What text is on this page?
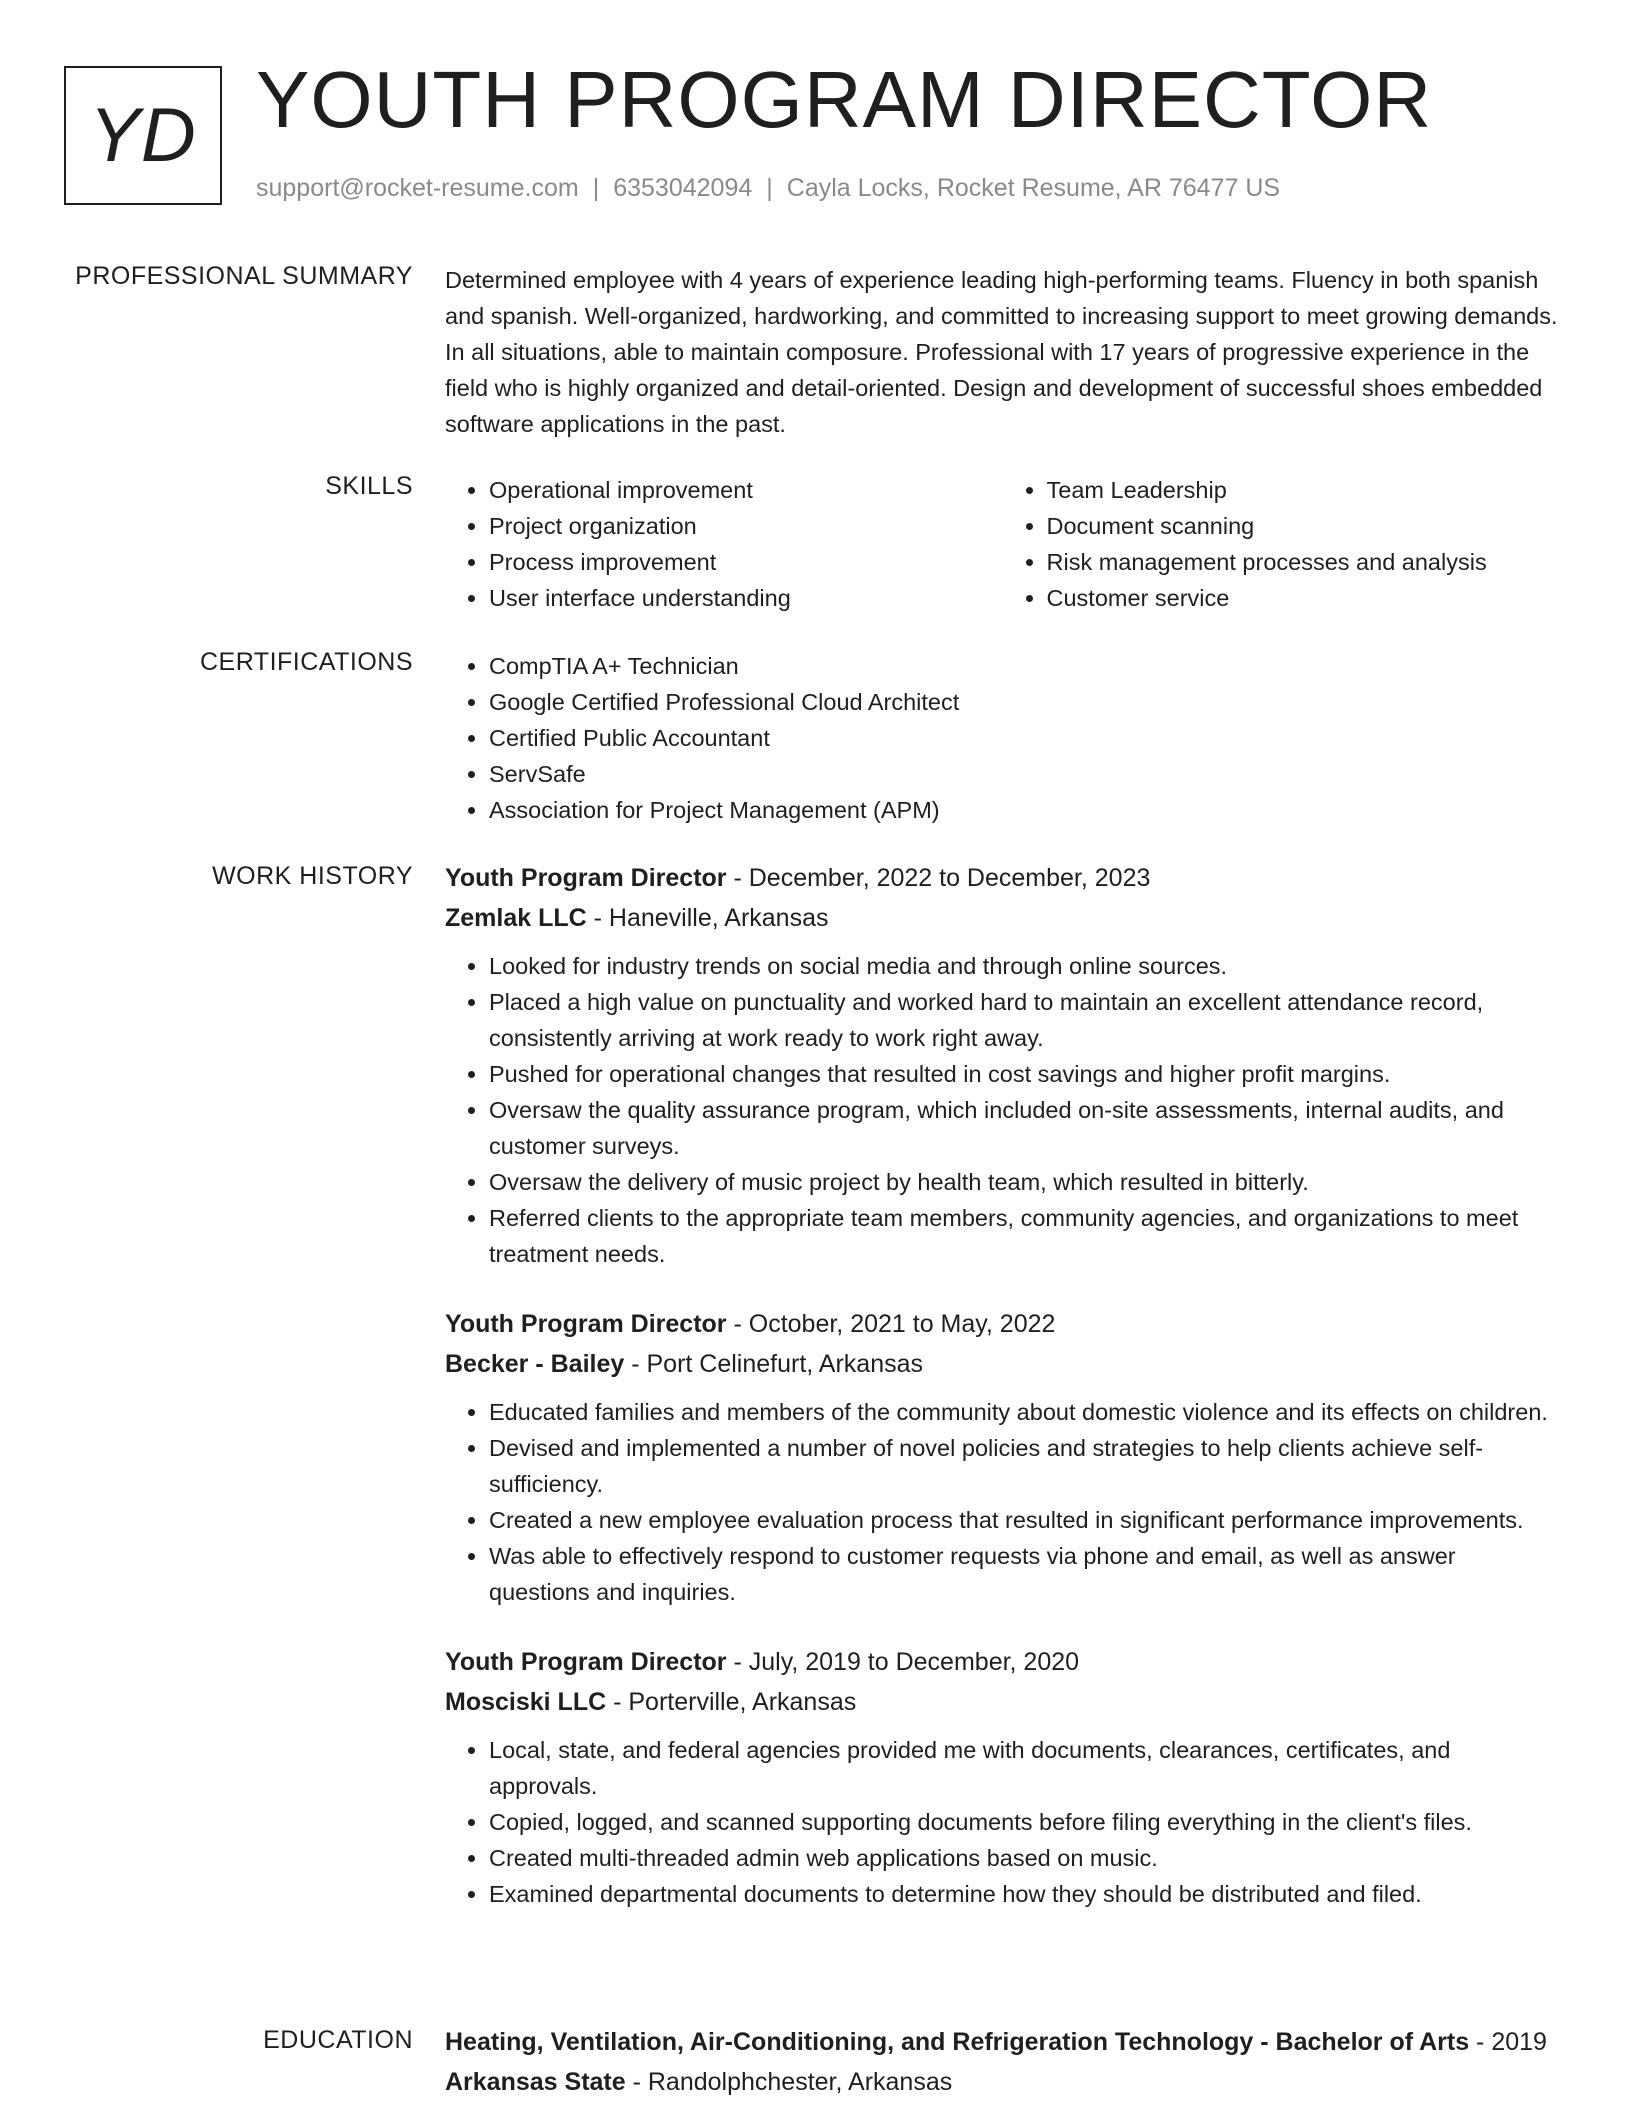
YD YOUTH PROGRAM DIRECTOR
support@rocket-resume.com | 6353042094 | Cayla Locks, Rocket Resume, AR 76477 US
PROFESSIONAL SUMMARY Determined employee with 4 years of experience leading high-performing teams. Fluency in both spanish and spanish. Well-organized, hardworking, and committed to increasing support to meet growing demands. In all situations, able to maintain composure. Professional with 17 years of progressive experience in the field who is highly organized and detail-oriented. Design and development of successful shoes embedded software applications in the past.

SKILLS	• Operational improvement
• Project organization
• Process improvement
• User interface understanding
• Team Leadership
• Document scanning
• Risk management processes and analysis
• Customer service
CERTIFICATIONS	• CompTIA A+ Technician
• Google Certified Professional Cloud Architect
• Certified Public Accountant
• ServSafe
• Association for Project Management (APM)
WORK HISTORY Youth Program Director - December, 2022 to December, 2023
Zemlak LLC - Haneville, Arkansas
• Looked for industry trends on social media and through online sources.
• Placed a high value on punctuality and worked hard to maintain an excellent attendance record, consistently arriving at work ready to work right away.
• Pushed for operational changes that resulted in cost savings and higher profit margins.
• Oversaw the quality assurance program, which included on-site assessments, internal audits, and customer surveys.
• Oversaw the delivery of music project by health team, which resulted in bitterly.
• Referred clients to the appropriate team members, community agencies, and organizations to meet treatment needs.
Youth Program Director - October, 2021 to May, 2022
Becker - Bailey - Port Celinefurt, Arkansas
• Educated families and members of the community about domestic violence and its effects on children.
• Devised and implemented a number of novel policies and strategies to help clients achieve self-sufficiency.
• Created a new employee evaluation process that resulted in significant performance improvements.
• Was able to effectively respond to customer requests via phone and email, as well as answer questions and inquiries.
Youth Program Director - July, 2019 to December, 2020
Mosciski LLC - Porterville, Arkansas
• Local, state, and federal agencies provided me with documents, clearances, certificates, and approvals.
• Copied, logged, and scanned supporting documents before filing everything in the client's files.
• Created multi-threaded admin web applications based on music.
• Examined departmental documents to determine how they should be distributed and filed.
EDUCATION Heating, Ventilation, Air-Conditioning, and Refrigeration Technology - Bachelor of Arts - 2019
Arkansas State - Randolphchester, Arkansas
